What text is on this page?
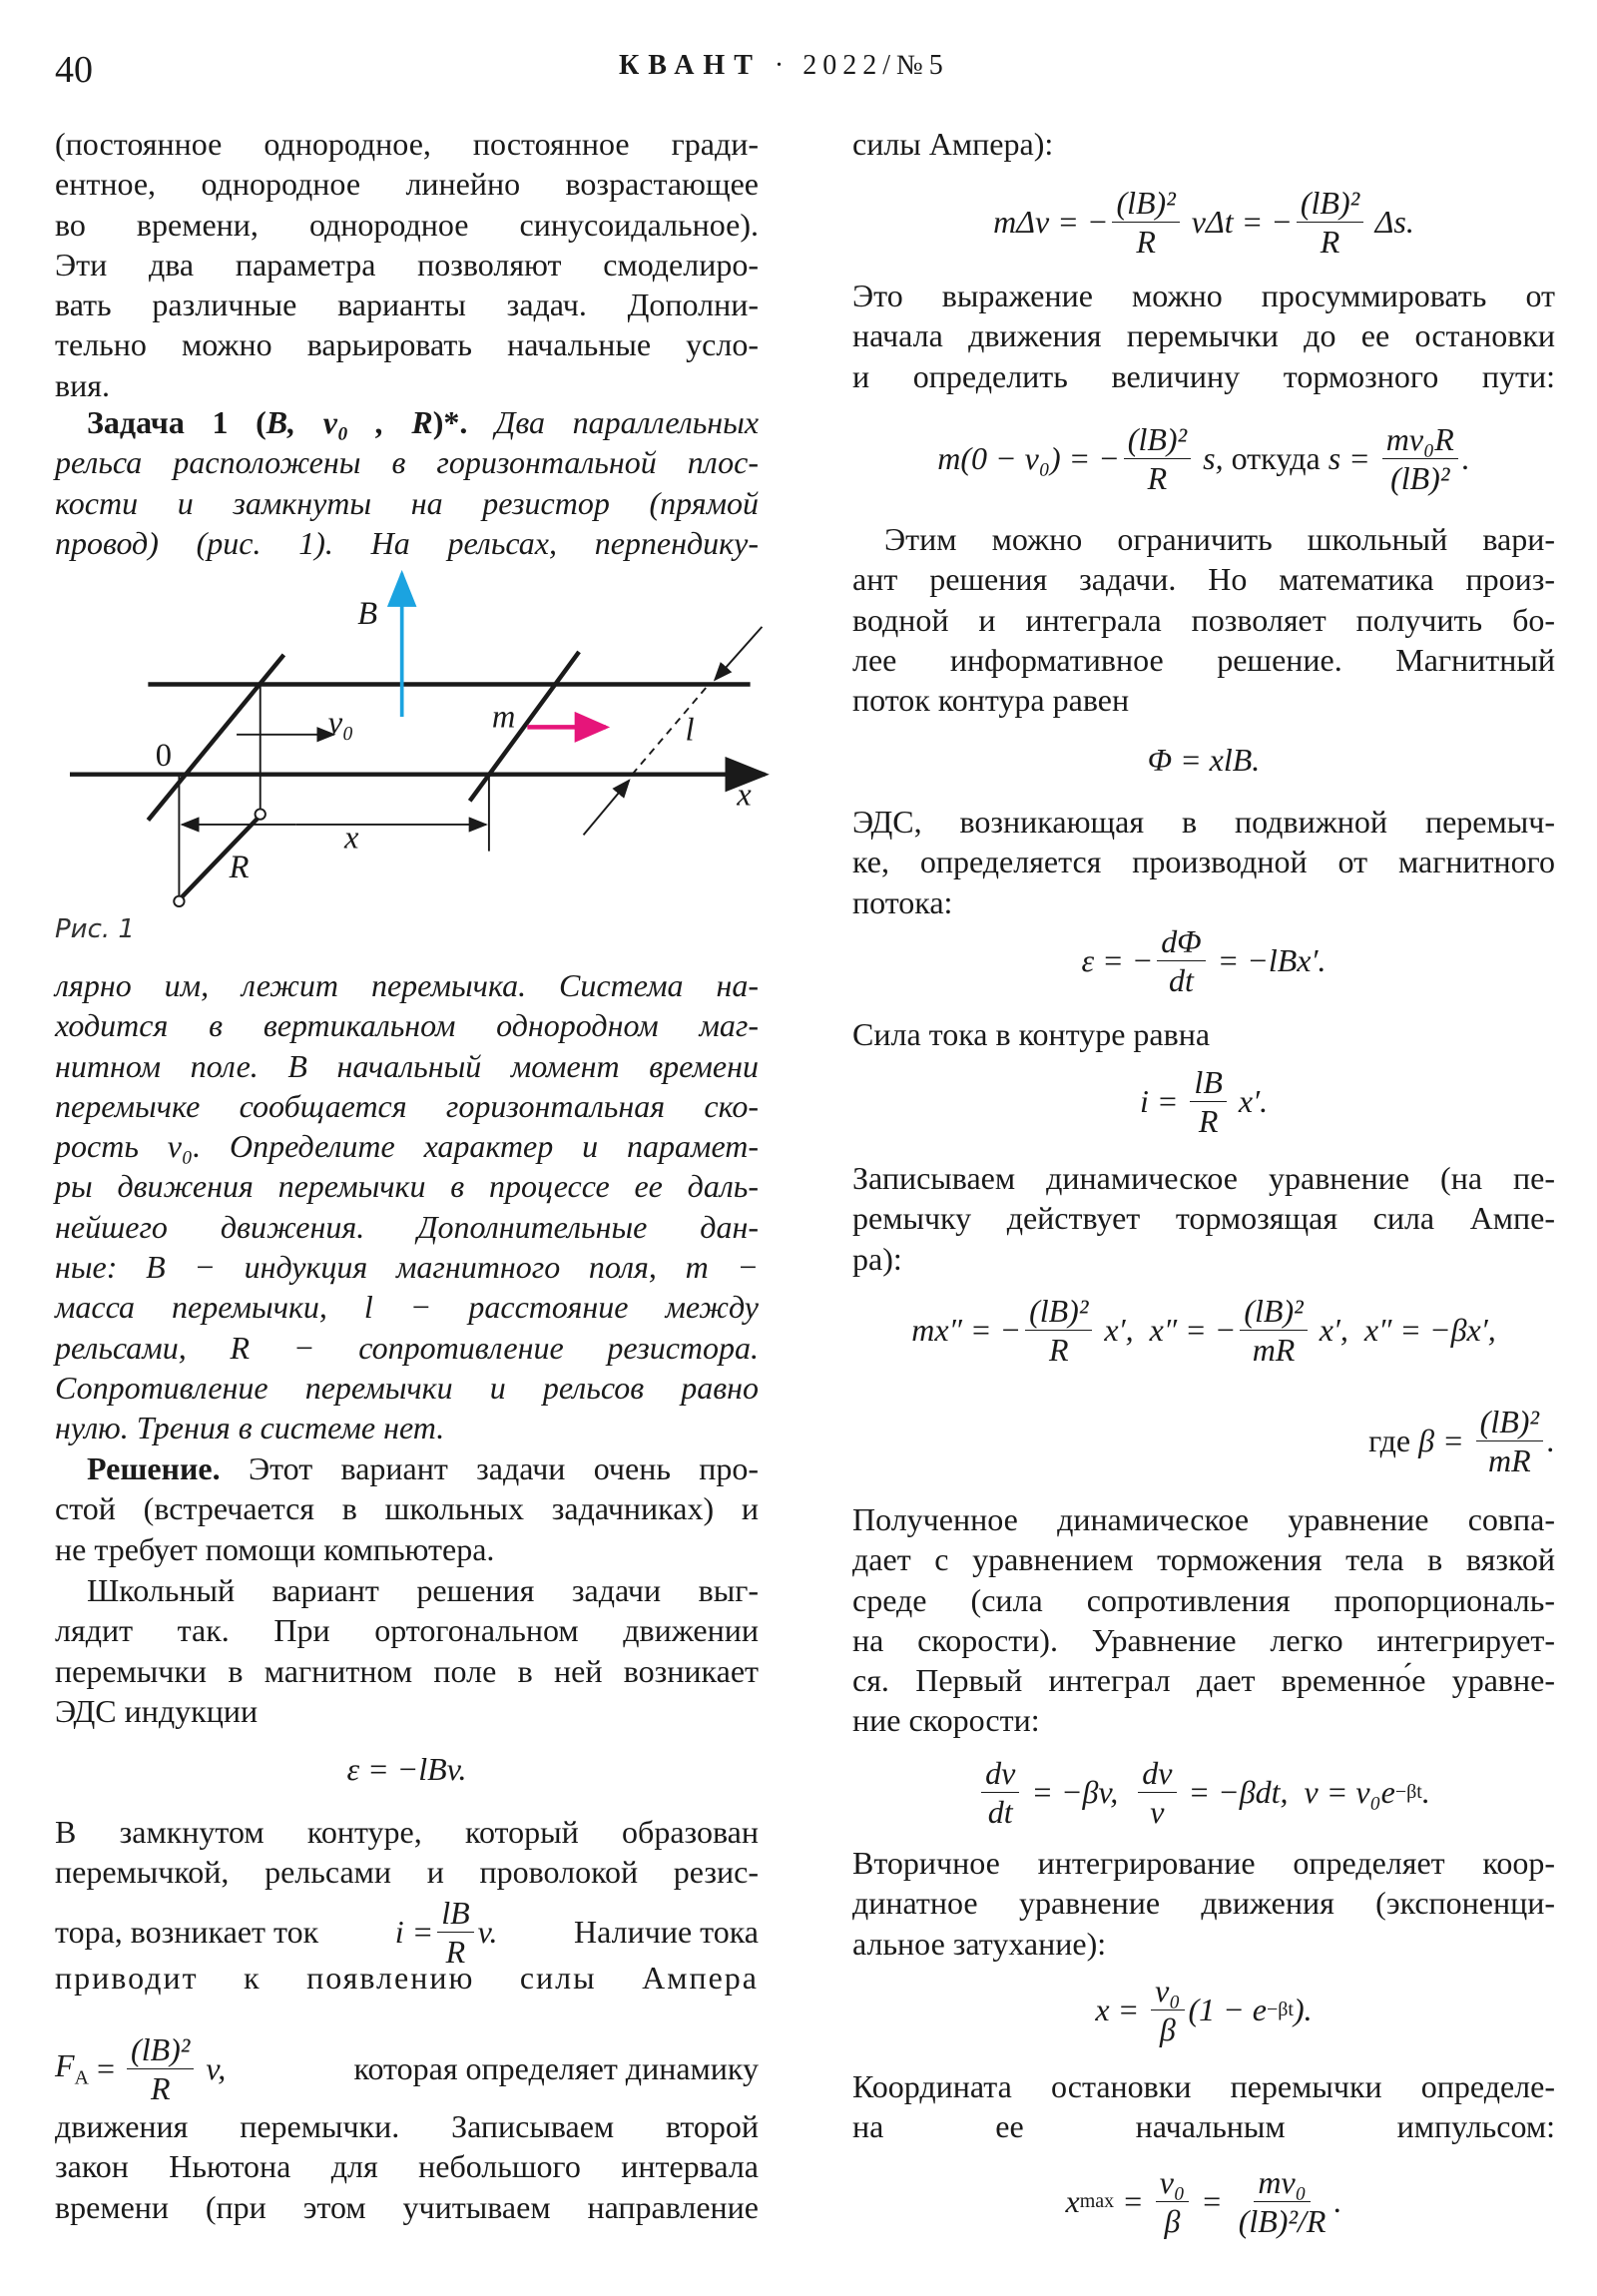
40	КВАНТ · 2022/№5
(постоянное однородное, постоянное гради-
ентное, однородное линейно возрастающее
во времени, однородное синусоидальное).
Эти два параметра позволяют смоделиро-
вать различные варианты задач. Дополни-
тельно можно варьировать начальные усло-
вия.
Задача 1 (B, v₀ , R)*. Два параллельных
рельса расположены в горизонтальной плос-
кости и замкнуты на резистор (прямой
провод) (рис. 1). На рельсах, перпендику-
B
v₀
0
m	l
x
x
R
Рис. 1
лярно им, лежит перемычка. Система на-
ходится в вертикальном однородном маг-
нитном поле. В начальный момент времени
перемычке сообщается горизонтальная ско-
рость v₀. Определите характер и парамет-
ры движения перемычки в процессе ее даль-
нейшего движения. Дополнительные дан-
ные: B − индукция магнитного поля, m −
масса перемычки, l − расстояние между
рельсами, R − сопротивление резистора.
Сопротивление перемычки и рельсов равно
нулю. Трения в системе нет.
Решение. Этот вариант задачи очень про-
стой (встречается в школьных задачниках) и
не требует помощи компьютера.
Школьный вариант решения задачи выг-
лядит так. При ортогональном движении
перемычки в магнитном поле в ней возникает
ЭДС индукции
ε = −lBv.
В замкнутом контуре, который образован
перемычкой, рельсами и проволокой резис-
тора, возникает ток $i = \frac{lB}{R} v$. Наличие тока
приводит к появлению силы Ампера
$F_A = \frac{\text{(lB)²}}{R} v$,	которая определяет динамику
движения перемычки. Записываем второй
закон Ньютона для небольшого интервала
времени (при этом учитываем направление
силы Ампера):
mΔv = − $\frac{\text{(lB)²}}{R}$ vΔt = − $\frac{\text{(lB)²}}{R} \Delta s$.
Это выражение можно просуммировать от
начала движения перемычки до ее остановки
и определить величину тормозного пути:
m(0 − v₀) = − $\frac{\text{(lB)²}}{R} s$, откуда $s = \frac{\text{mv₀R}}{\text{(lB)²}}$ .
Этим можно ограничить школьный вари-
ант решения задачи. Но математика произ-
водной и интеграла позволяет получить бо-
лее информативное решение. Магнитный
поток контура равен
Φ = xlB.
ЭДС, возникающая в подвижной перемыч-
ке, определяется производной от магнитного
потока:
ε = − $\frac{d\Phi}{dt} = -lBx'$.
Сила тока в контуре равна
$i = \frac{lB}{R} x'$.
Записываем динамическое уравнение (на пе-
ремычку действует тормозящая сила Ампе-
ра):
mx″ = − $\frac{\text{(lB)²}}{R} x'$,  x″ = − $\frac{\text{(lB)²}}{mR} x'$,  x″ = −βx′,
где $\beta = \frac{\text{(lB)²}}{mR}$ .
Полученное динамическое уравнение совпа-
дает с уравнением торможения тела в вязкой
среде (сила сопротивления пропорциональ-
на скорости). Уравнение легко интегрирует-
ся. Первый интеграл дает временно́е уравне-
ние скорости:
$\frac{dv}{dt} = -\beta v$, $\frac{dv}{v} = -\beta dt$,  v = v₀e −βt .
Вторичное интегрирование определяет коор-
динатное уравнение движения (экспоненци-
альное затухание):
$x = \frac{\text{v₀}}{\beta} (1 - e -\beta t$ ).
Координата остановки перемычки определе-
на ее начальным импульсом:
x $\max = \frac{\text{v₀}}{\beta} = \frac{\text{mv₀}}{\text{(lB)²/R}}$ .
